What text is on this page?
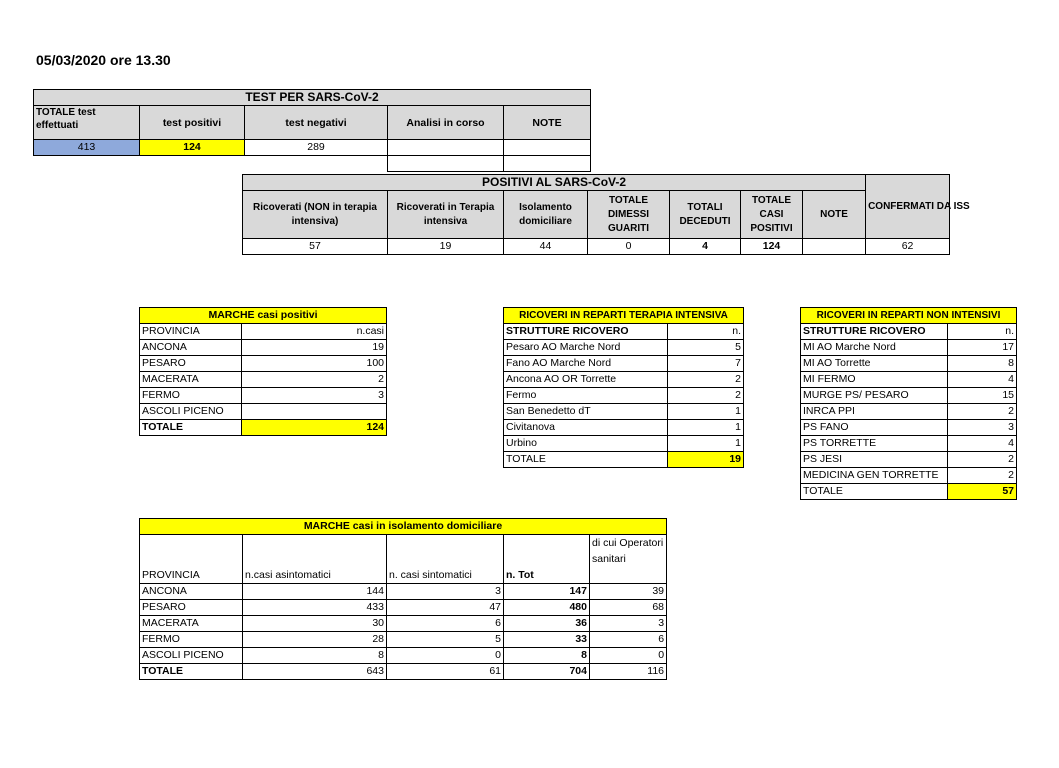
05/03/2020 ore 13.30
TEST PER SARS-CoV-2				
TOTALE test effettuati	test positivi	test negativi	Analisi in corso	NOTE
413	124	289		

POSITIVI AL SARS-CoV-2							CONFERMATI DA ISS
Ricoverati (NON in terapia intensiva)	Ricoverati in Terapia intensiva	Isolamento domiciliare	TOTALE DIMESSI GUARITI	TOTALI DECEDUTI	TOTALE CASI POSITIVI	NOTE	
57	19	44	0	4	124		62
MARCHE casi positivi	
PROVINCIA	n.casi
ANCONA	19
PESARO	100
MACERATA	2
FERMO	3
ASCOLI PICENO	
TOTALE	124
RICOVERI IN REPARTI TERAPIA INTENSIVA	
STRUTTURE RICOVERO	n.
Pesaro AO Marche Nord	5
Fano AO Marche Nord	7
Ancona AO OR Torrette	2
Fermo	2
San Benedetto dT	1
Civitanova	1
Urbino	1
TOTALE	19
RICOVERI IN REPARTI NON INTENSIVI	
STRUTTURE RICOVERO	n.
MI AO Marche Nord	17
MI AO Torrette	8
MI FERMO	4
MURGE PS/ PESARO	15
INRCA PPI	2
PS FANO	3
PS TORRETTE	4
PS JESI	2
MEDICINA GEN TORRETTE	2
TOTALE	57
MARCHE casi in isolamento domiciliare				
PROVINCIA	n.casi asintomatici	n. casi sintomatici	n. Tot	di cui Operatori sanitari
ANCONA	144	3	147	39
PESARO	433	47	480	68
MACERATA	30	6	36	3
FERMO	28	5	33	6
ASCOLI PICENO	8	0	8	0
TOTALE	643	61	704	116
